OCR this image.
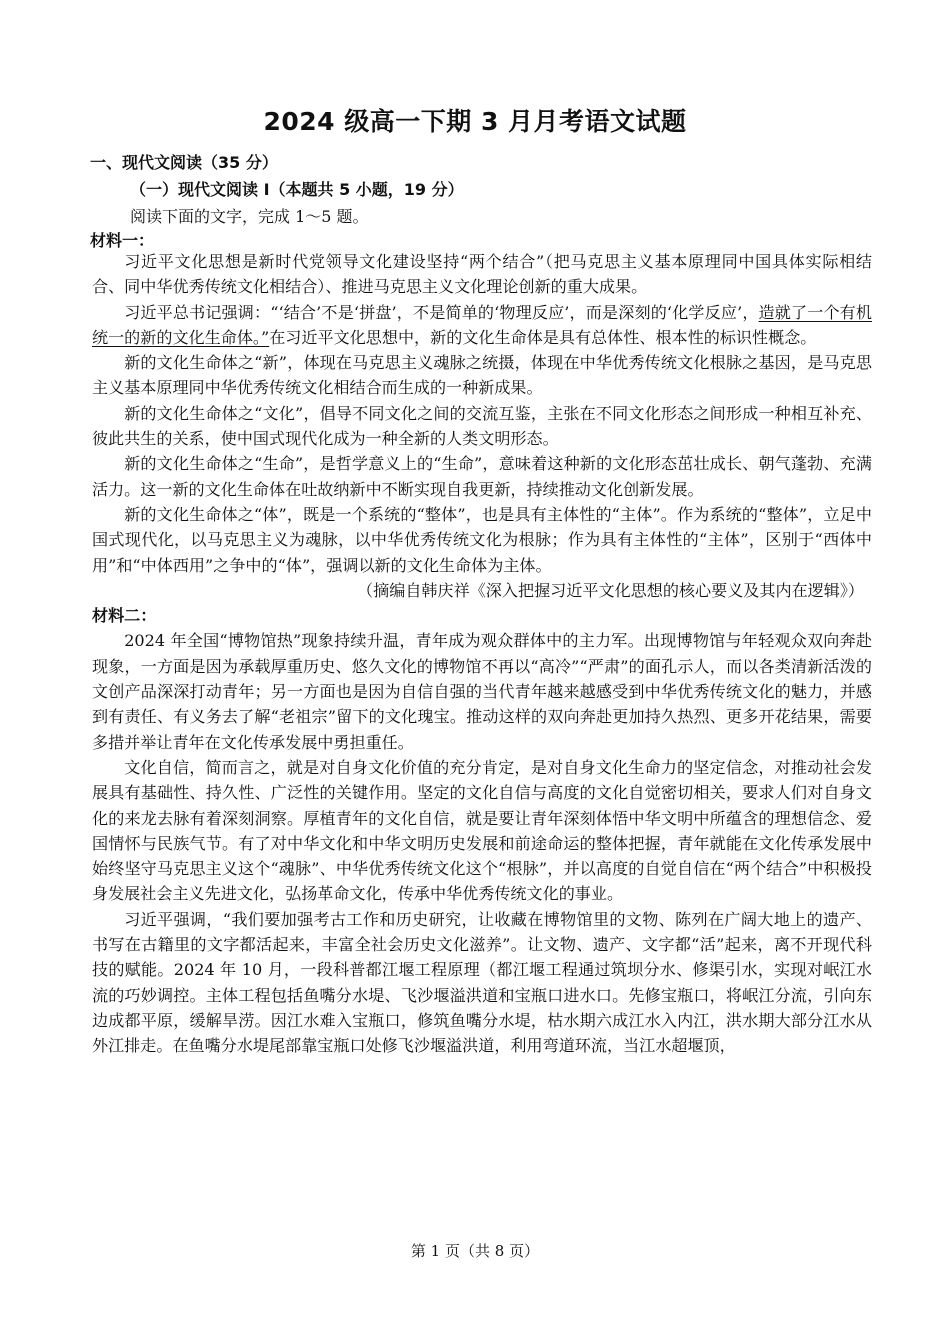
2024 级高一下期 3 月月考语文试题
一、现代文阅读（35 分）
（一）现代文阅读 I（本题共 5 小题，19 分）
阅读下面的文字，完成 1～5 题。
材料一：

习近平文化思想是新时代党领导文化建设坚持“两个结合”（把马克思主义基本原理同中国具体实际相结合、同中华优秀传统文化相结合）、推进马克思主义文化理论创新的重大成果。

习近平总书记强调：“‘结合’不是‘拼盘’，不是简单的‘物理反应’，而是深刻的‘化学反应’，造就了一个有机统一的新的文化生命体。”在习近平文化思想中，新的文化生命体是具有总体性、根本性的标识性概念。

新的文化生命体之“新”，体现在马克思主义魂脉之统摄，体现在中华优秀传统文化根脉之基因，是马克思主义基本原理同中华优秀传统文化相结合而生成的一种新成果。

新的文化生命体之“文化”，倡导不同文化之间的交流互鉴，主张在不同文化形态之间形成一种相互补充、彼此共生的关系，使中国式现代化成为一种全新的人类文明形态。

新的文化生命体之“生命”，是哲学意义上的“生命”，意味着这种新的文化形态茁壮成长、朝气蓬勃、充满活力。这一新的文化生命体在吐故纳新中不断实现自我更新，持续推动文化创新发展。

新的文化生命体之“体”，既是一个系统的“整体”，也是具有主体性的“主体”。作为系统的“整体”，立足中国式现代化，以马克思主义为魂脉，以中华优秀传统文化为根脉；作为具有主体性的“主体”，区别于“西体中用”和“中体西用”之争中的“体”，强调以新的文化生命体为主体。

（摘编自韩庆祥《深入把握习近平文化思想的核心要义及其内在逻辑》）

材料二：

2024 年全国“博物馆热”现象持续升温，青年成为观众群体中的主力军。出现博物馆与年轻观众双向奔赴现象，一方面是因为承载厚重历史、悠久文化的博物馆不再以“高冷”“严肃”的面孔示人，而以各类清新活泼的文创产品深深打动青年；另一方面也是因为自信自强的当代青年越来越感受到中华优秀传统文化的魅力，并感到有责任、有义务去了解“老祖宗”留下的文化瑰宝。推动这样的双向奔赴更加持久热烈、更多开花结果，需要多措并举让青年在文化传承发展中勇担重任。

文化自信，简而言之，就是对自身文化价值的充分肯定，是对自身文化生命力的坚定信念，对推动社会发展具有基础性、持久性、广泛性的关键作用。坚定的文化自信与高度的文化自觉密切相关，要求人们对自身文化的来龙去脉有着深刻洞察。厚植青年的文化自信，就是要让青年深刻体悟中华文明中所蕴含的理想信念、爱国情怀与民族气节。有了对中华文化和中华文明历史发展和前途命运的整体把握，青年就能在文化传承发展中始终坚守马克思主义这个“魂脉”、中华优秀传统文化这个“根脉”，并以高度的自觉自信在“两个结合”中积极投身发展社会主义先进文化，弘扬革命文化，传承中华优秀传统文化的事业。

习近平强调，“我们要加强考古工作和历史研究，让收藏在博物馆里的文物、陈列在广阔大地上的遗产、书写在古籍里的文字都活起来，丰富全社会历史文化滋养”。让文物、遗产、文字都“活”起来，离不开现代科技的赋能。2024 年 10 月，一段科普都江堰工程原理（都江堰工程通过筑坝分水、修渠引水，实现对岷江水流的巧妙调控。主体工程包括鱼嘴分水堤、飞沙堰溢洪道和宝瓶口进水口。先修宝瓶口，将岷江分流，引向东边成都平原，缓解旱涝。因江水难入宝瓶口，修筑鱼嘴分水堤，枯水期六成江水入内江，洪水期大部分江水从外江排走。在鱼嘴分水堤尾部靠宝瓶口处修飞沙堰溢洪道，利用弯道环流，当江水超堰顶，

第 1 页（共 8 页）
